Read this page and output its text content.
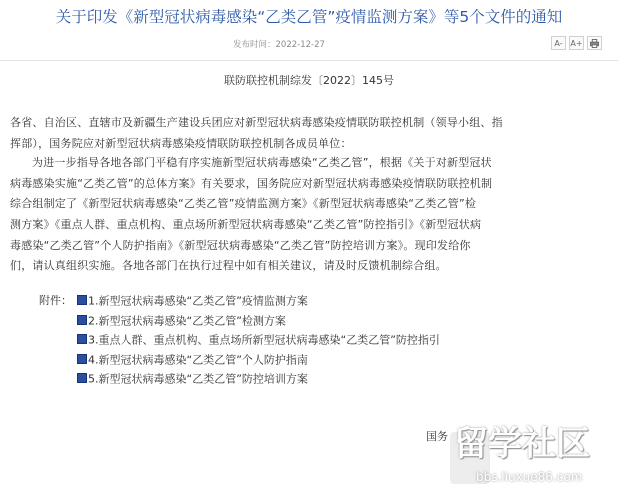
关于印发《新型冠状病毒感染“乙类乙管”疫情监测方案》等5个文件的通知
发布时间：2022-12-27	A- A+
联防联控机制综发〔2022〕145号
各省、自治区、直辖市及新疆生产建设兵团应对新型冠状病毒感染疫情联防联控机制（领导小组、指
挥部），国务院应对新型冠状病毒感染疫情联防联控机制各成员单位：
为进一步指导各地各部门平稳有序实施新型冠状病毒感染“乙类乙管”，根据《关于对新型冠状
病毒感染实施“乙类乙管”的总体方案》有关要求，国务院应对新型冠状病毒感染疫情联防联控机制
综合组制定了《新型冠状病毒感染“乙类乙管”疫情监测方案》《新型冠状病毒感染“乙类乙管”检
测方案》《重点人群、重点机构、重点场所新型冠状病毒感染“乙类乙管”防控指引》《新型冠状病
毒感染“乙类乙管”个人防护指南》《新型冠状病毒感染“乙类乙管”防控培训方案》。现印发给你
们，请认真组织实施。各地各部门在执行过程中如有相关建议，请及时反馈机制综合组。
附件：	1.新型冠状病毒感染“乙类乙管”疫情监测方案
2.新型冠状病毒感染“乙类乙管”检测方案
3.重点人群、重点机构、重点场所新型冠状病毒感染“乙类乙管”防控指引
4.新型冠状病毒感染“乙类乙管”个人防护指南
5.新型冠状病毒感染“乙类乙管”防控培训方案
国务 留学社区
bbs.liuxue86.com
